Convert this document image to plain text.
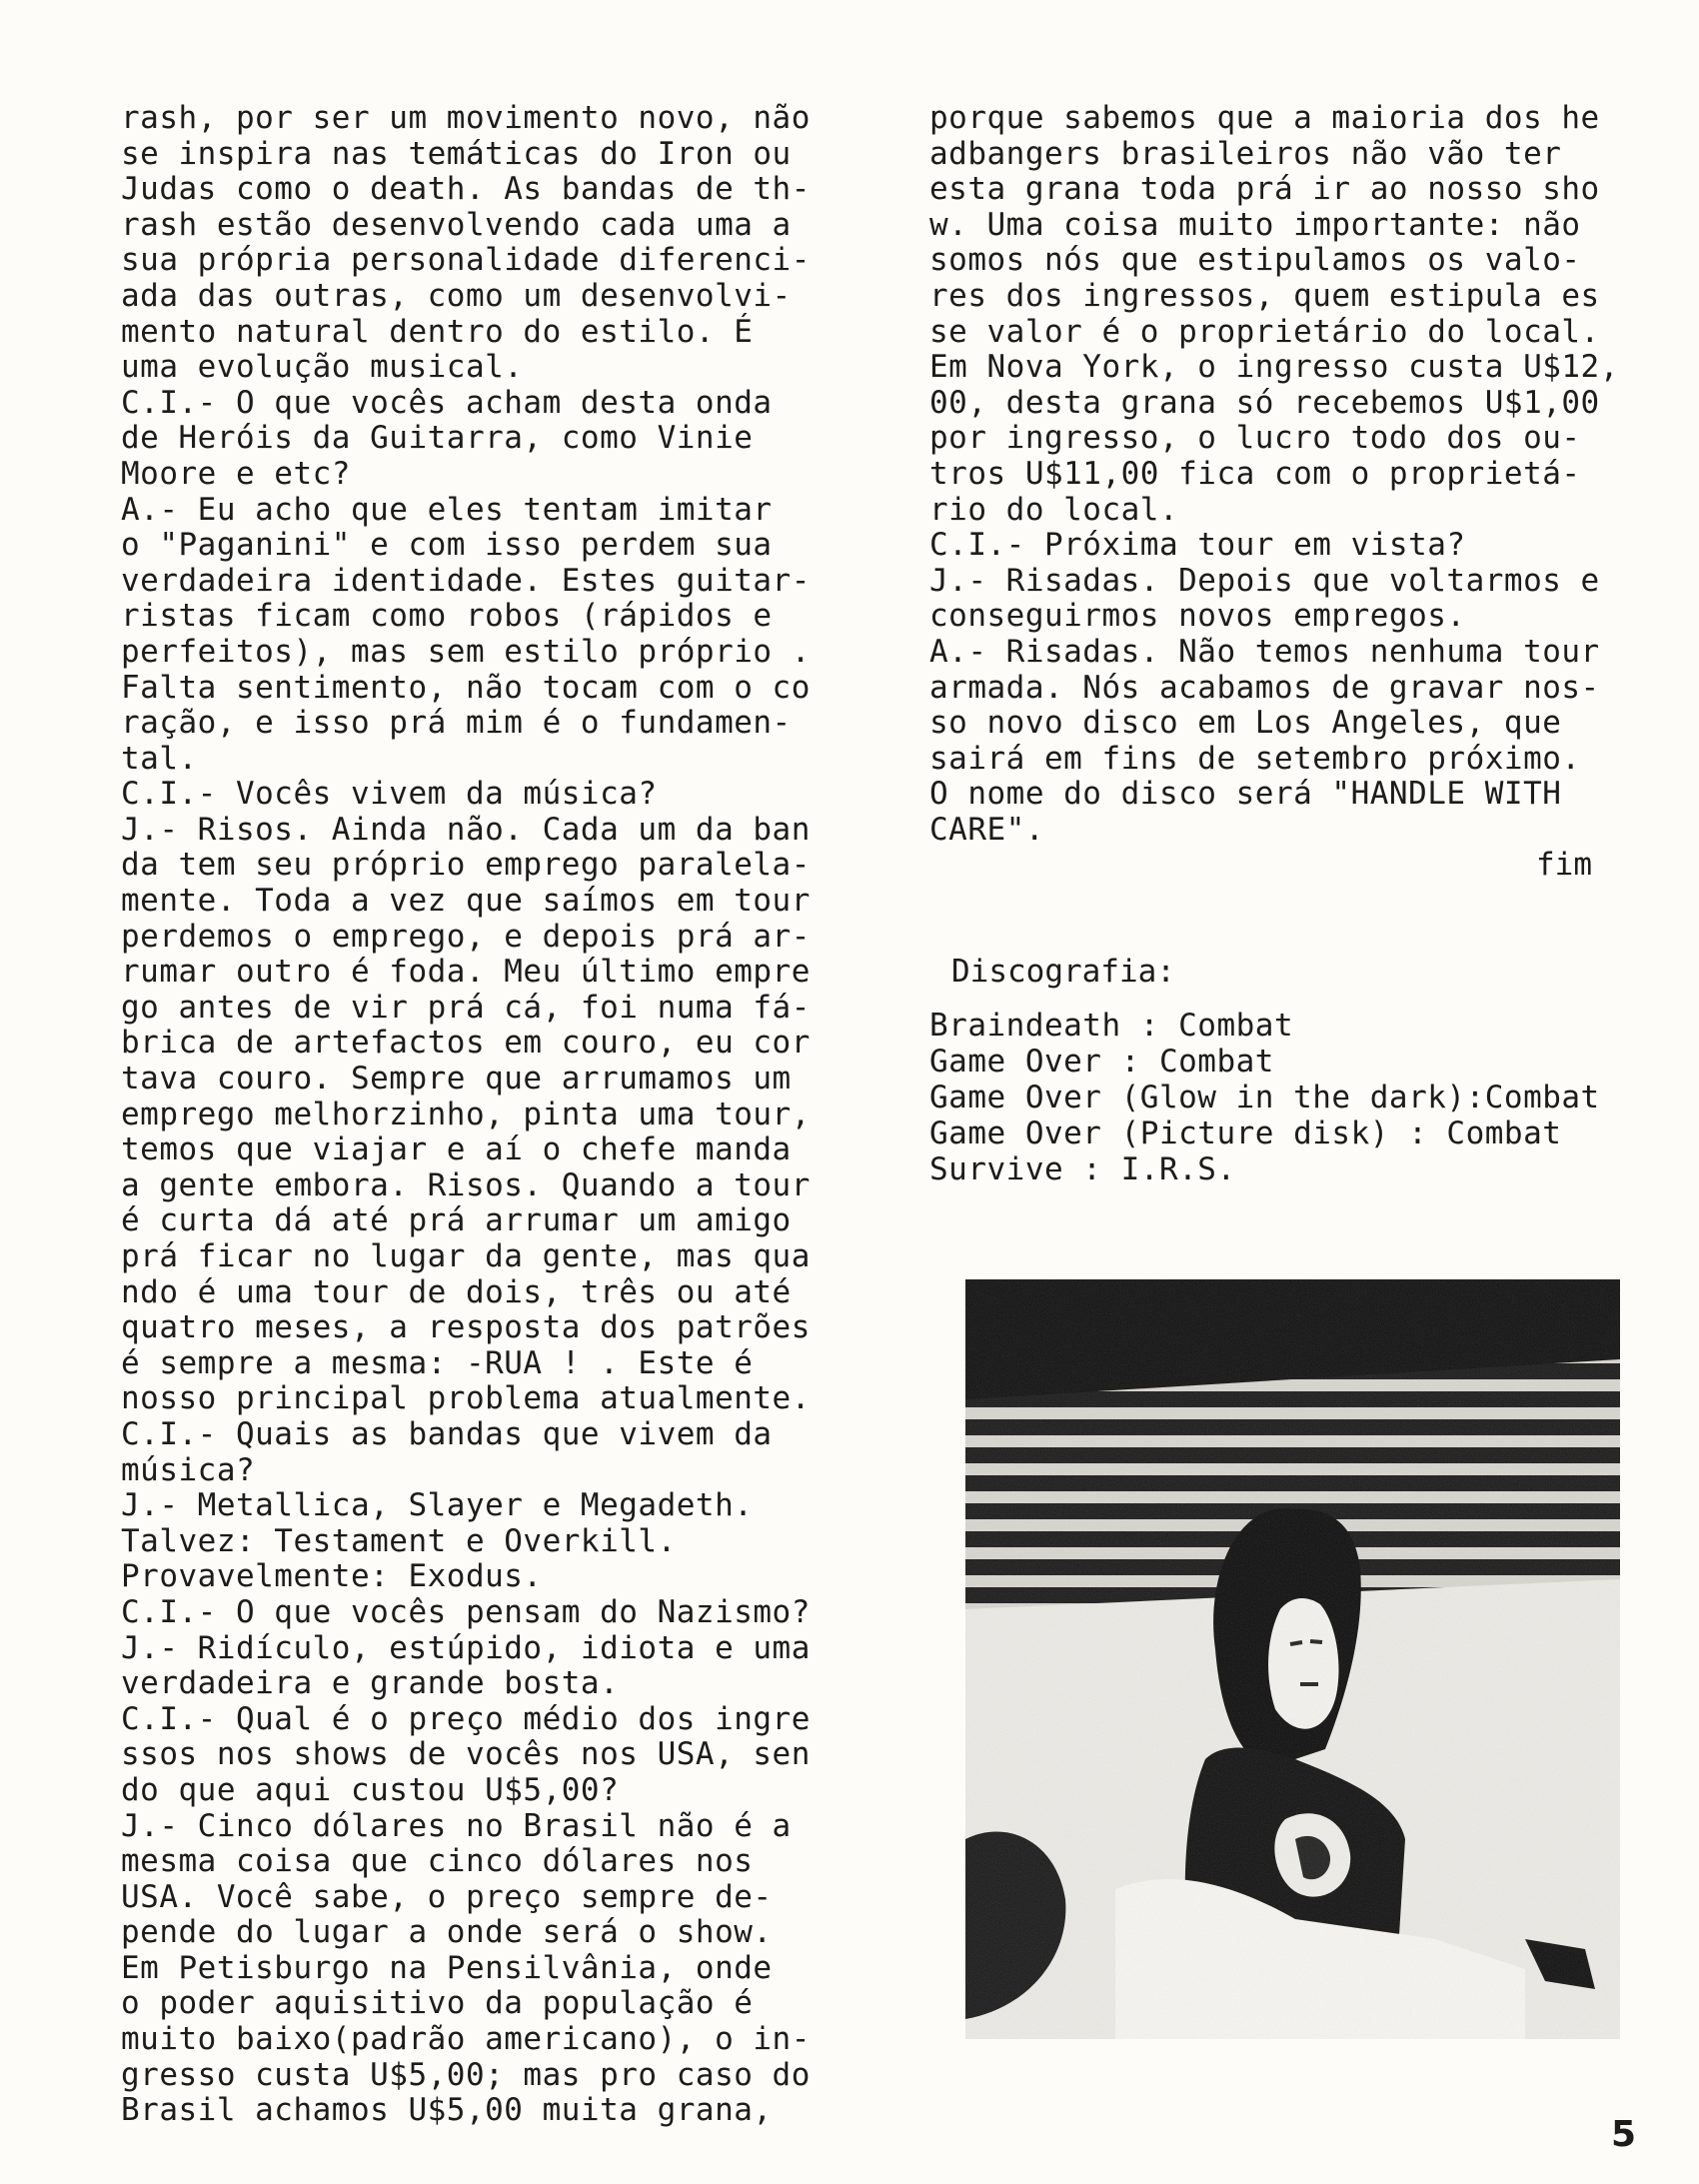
rash, por ser um movimento novo, não
se inspira nas temáticas do Iron ou
Judas como o death. As bandas de th-
rash estão desenvolvendo cada uma a
sua própria personalidade diferenci-
ada das outras, como um desenvolvi-
mento natural dentro do estilo. É
uma evolução musical.
C.I.- O que vocês acham desta onda
de Heróis da Guitarra, como Vinie
Moore e etc?
A.- Eu acho que eles tentam imitar
o "Paganini" e com isso perdem sua
verdadeira identidade. Estes guitar-
ristas ficam como robos (rápidos e
perfeitos), mas sem estilo próprio .
Falta sentimento, não tocam com o co
ração, e isso prá mim é o fundamen-
tal.
C.I.- Vocês vivem da música?
J.- Risos. Ainda não. Cada um da ban
da tem seu próprio emprego paralela-
mente. Toda a vez que saímos em tour
perdemos o emprego, e depois prá ar-
rumar outro é foda. Meu último empre
go antes de vir prá cá, foi numa fá-
brica de artefactos em couro, eu cor
tava couro. Sempre que arrumamos um
emprego melhorzinho, pinta uma tour,
temos que viajar e aí o chefe manda
a gente embora. Risos. Quando a tour
é curta dá até prá arrumar um amigo
prá ficar no lugar da gente, mas qua
ndo é uma tour de dois, três ou até
quatro meses, a resposta dos patrões
é sempre a mesma: -RUA ! . Este é
nosso principal problema atualmente.
C.I.- Quais as bandas que vivem da
música?
J.- Metallica, Slayer e Megadeth.
Talvez: Testament e Overkill.
Provavelmente: Exodus.
C.I.- O que vocês pensam do Nazismo?
J.- Ridículo, estúpido, idiota e uma
verdadeira e grande bosta.
C.I.- Qual é o preço médio dos ingre
ssos nos shows de vocês nos USA, sen
do que aqui custou U$5,00?
J.- Cinco dólares no Brasil não é a
mesma coisa que cinco dólares nos
USA. Você sabe, o preço sempre de-
pende do lugar a onde será o show.
Em Petisburgo na Pensilvânia, onde
o poder aquisitivo da população é
muito baixo(padrão americano), o in-
gresso custa U$5,00; mas pro caso do
Brasil achamos U$5,00 muita grana,
porque sabemos que a maioria dos he
adbangers brasileiros não vão ter
esta grana toda prá ir ao nosso sho
w. Uma coisa muito importante: não
somos nós que estipulamos os valo-
res dos ingressos, quem estipula es
se valor é o proprietário do local.
Em Nova York, o ingresso custa U$12,
00, desta grana só recebemos U$1,00
por ingresso, o lucro todo dos ou-
tros U$11,00 fica com o proprietá-
rio do local.
C.I.- Próxima tour em vista?
J.- Risadas. Depois que voltarmos e
conseguirmos novos empregos.
A.- Risadas. Não temos nenhuma tour
armada. Nós acabamos de gravar nos-
so novo disco em Los Angeles, que
sairá em fins de setembro próximo.
O nome do disco será "HANDLE WITH
CARE".
fim
Discografia:
Braindeath : Combat
Game Over : Combat
Game Over (Glow in the dark):Combat
Game Over (Picture disk) : Combat
Survive : I.R.S.
5
